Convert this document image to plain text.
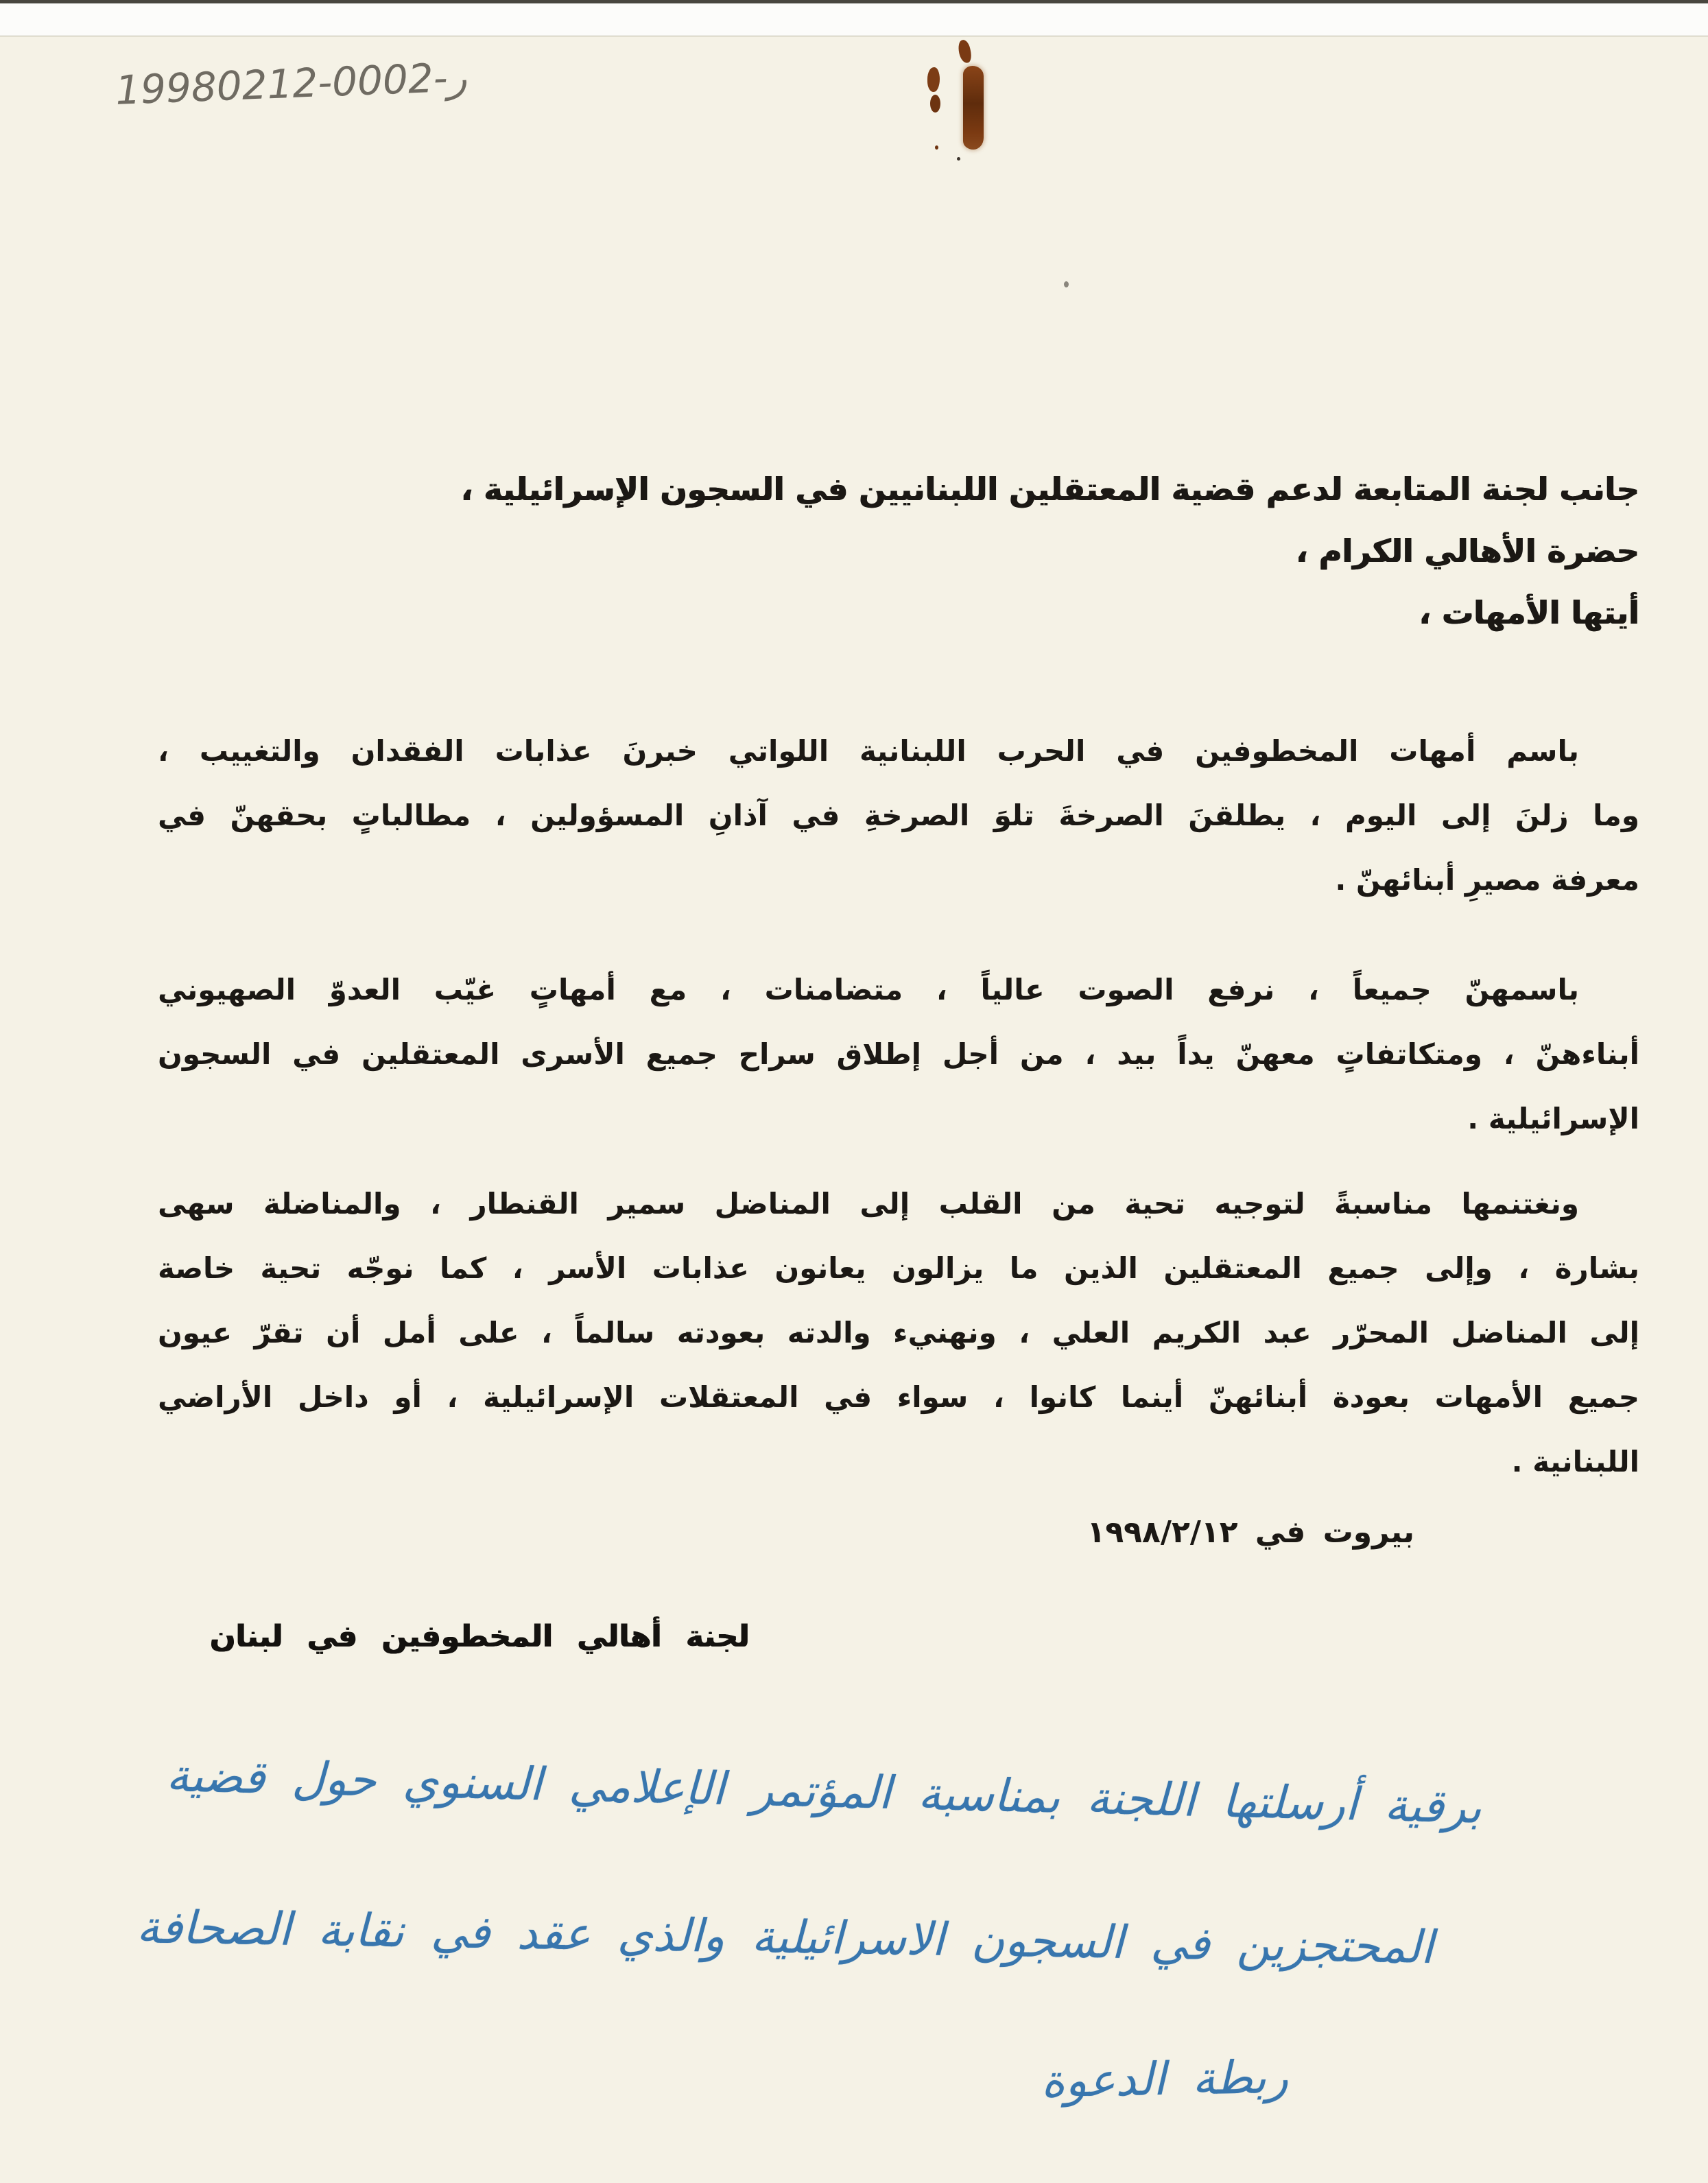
19980212-0002-ر
جانب لجنة المتابعة لدعم قضية المعتقلين اللبنانيين في السجون الإسرائيلية ،
حضرة الأهالي الكرام ،
أيتها الأمهات ،
باسم أمهات المخطوفين في الحرب اللبنانية اللواتي خبرنَ عذابات الفقدان والتغييب ،
وما زلنَ إلى اليوم ، يطلقنَ الصرخةَ تلوَ الصرخةِ في آذانِ المسؤولين ، مطالباتٍ بحقهنّ في
معرفة مصيرِ أبنائهنّ .
باسمهنّ جميعاً ، نرفع الصوت عالياً ، متضامنات ، مع أمهاتٍ غيّب العدوّ الصهيوني
أبناءهنّ ، ومتكاتفاتٍ معهنّ يداً بيد ، من أجل إطلاق سراح جميع الأسرى المعتقلين في السجون
الإسرائيلية .
ونغتنمها مناسبةً لتوجيه تحية من القلب إلى المناضل سمير القنطار ، والمناضلة سهى
بشارة ، وإلى جميع المعتقلين الذين ما يزالون يعانون عذابات الأسر ، كما نوجّه تحية خاصة
إلى المناضل المحرّر عبد الكريم العلي ، ونهنيء والدته بعودته سالماً ، على أمل أن تقرّ عيون
جميع الأمهات بعودة أبنائهنّ أينما كانوا ، سواء في المعتقلات الإسرائيلية ، أو داخل الأراضي
اللبنانية .
بيروت في ١٩٩٨/٢/١٢
لجنة أهالي المخطوفين في لبنان
برقية أرسلتها اللجنة بمناسبة المؤتمر الإعلامي السنوي حول قضية
المحتجزين في السجون الاسرائيلية والذي عقد في نقابة الصحافة
ربطة الدعوة
